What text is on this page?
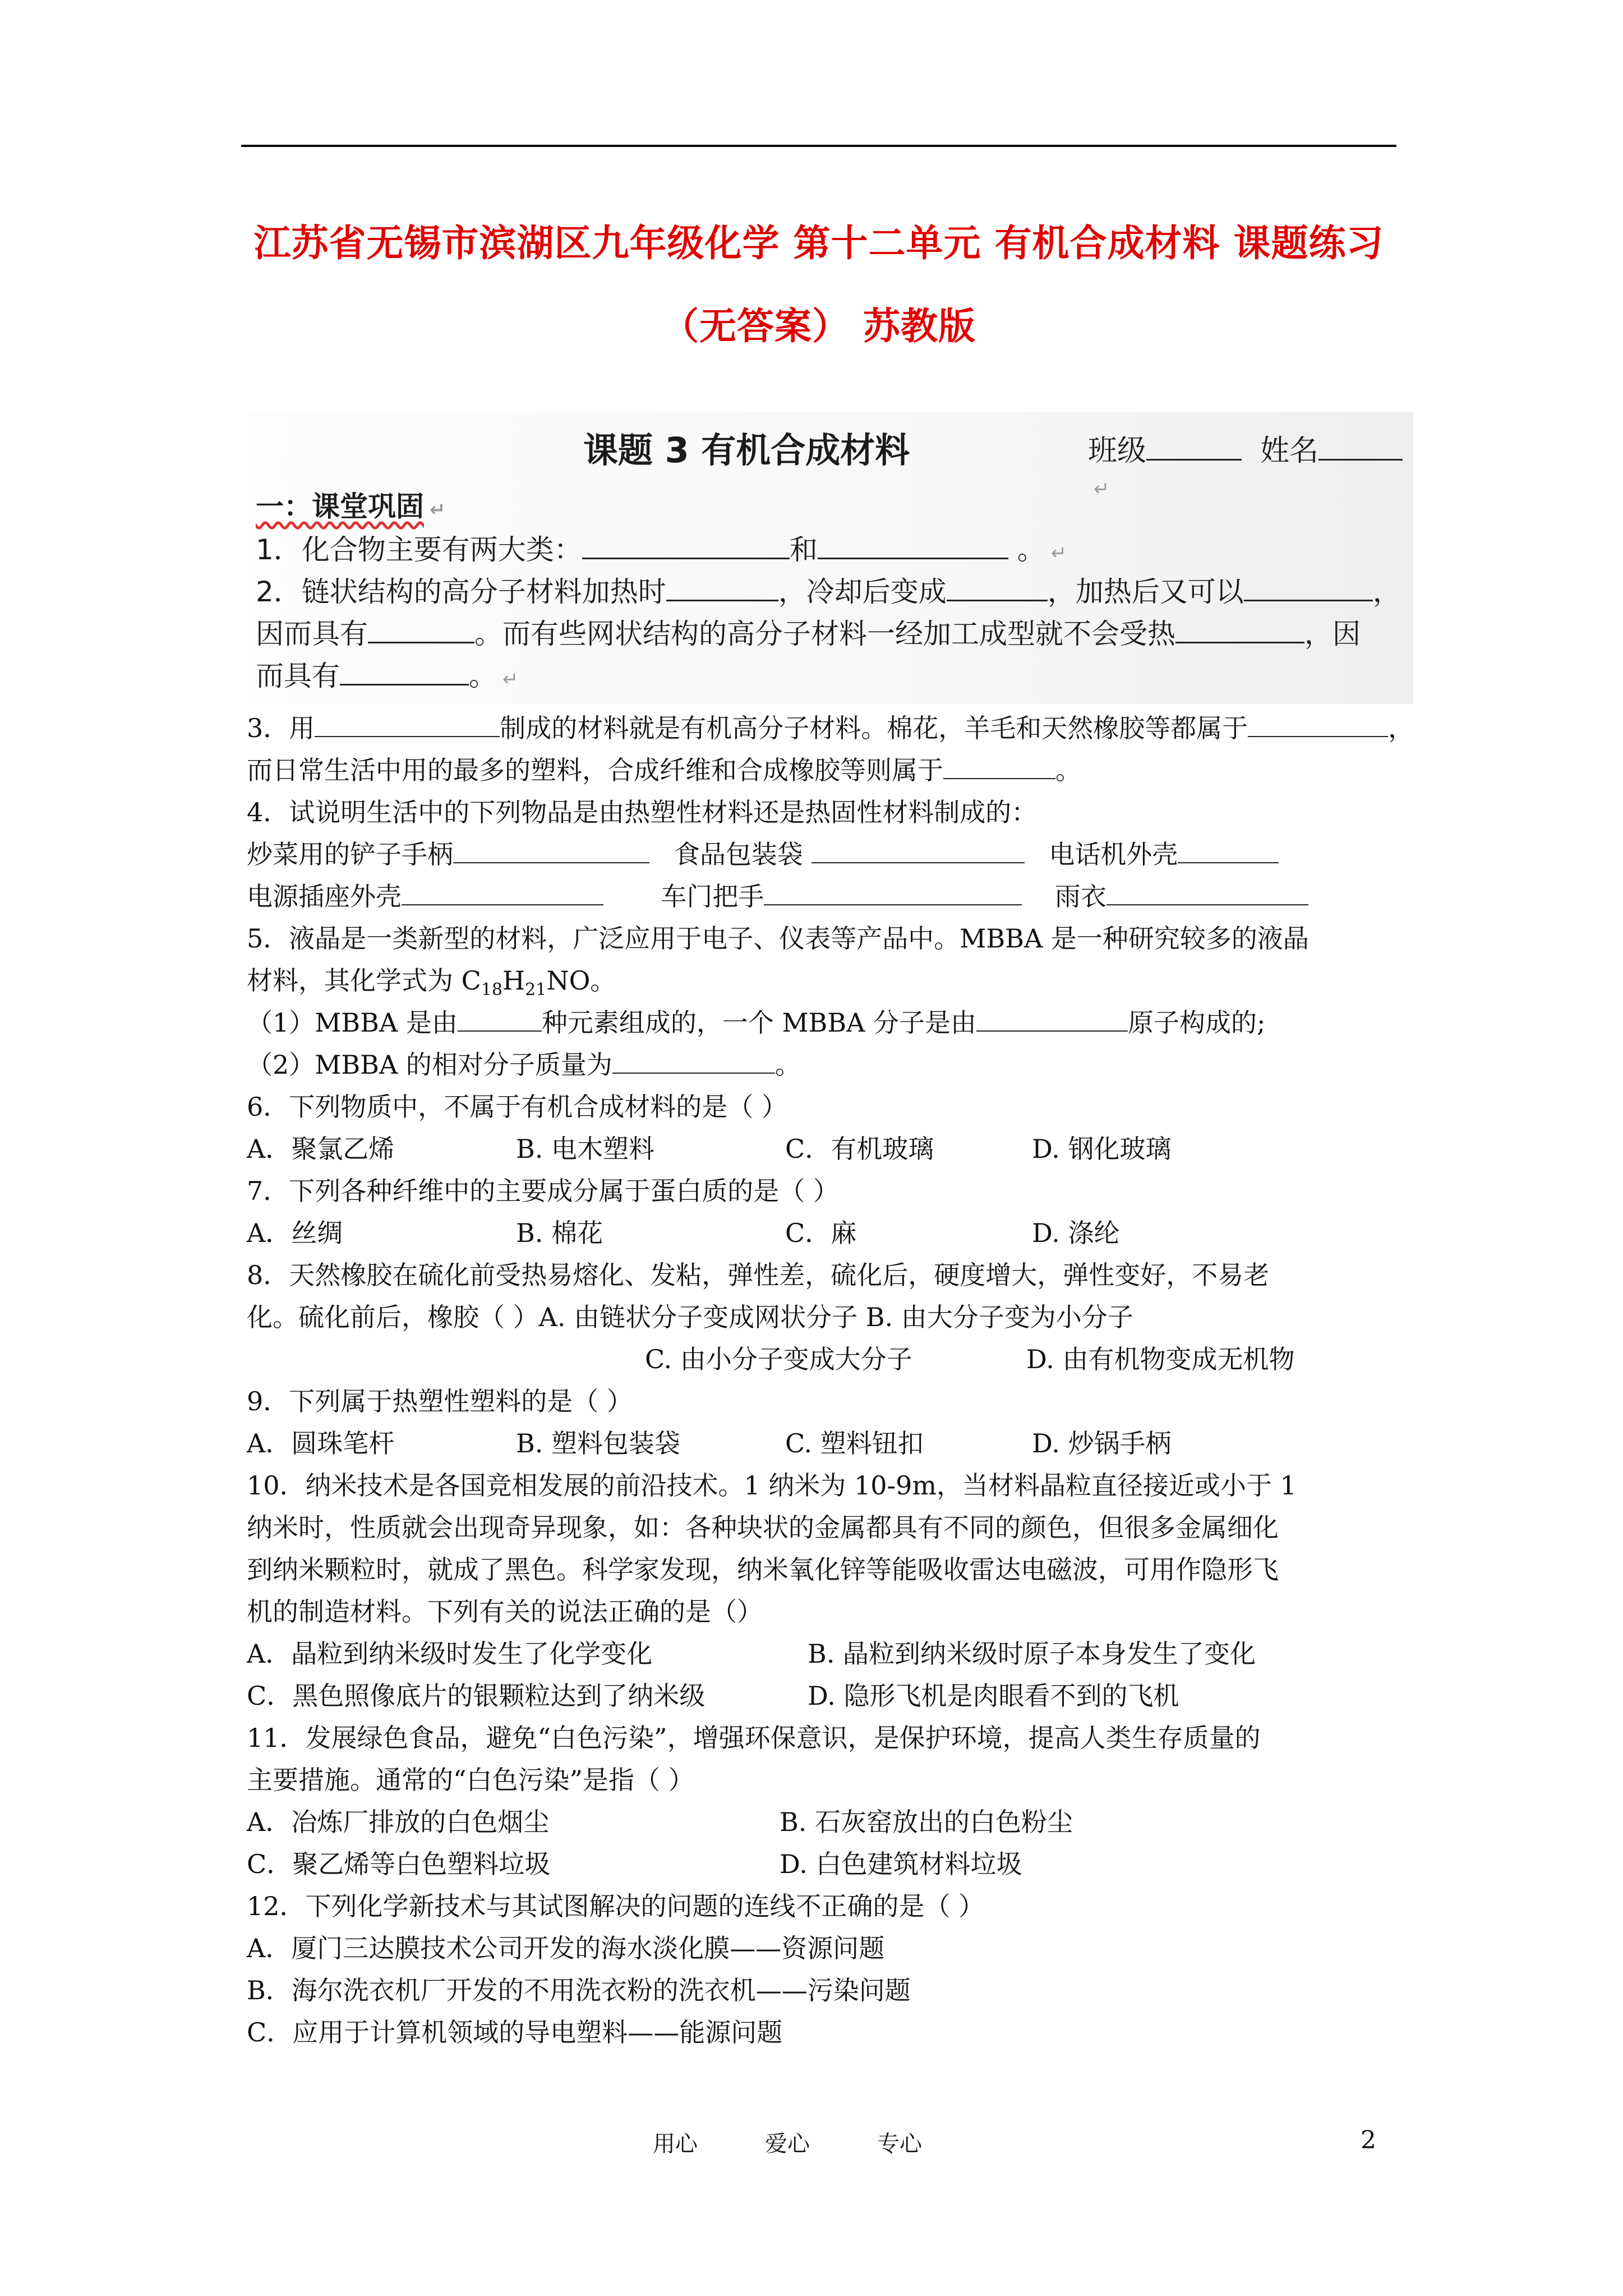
江苏省无锡市滨湖区九年级化学 第十二单元 有机合成材料 课题练习
（无答案） 苏教版
课题 3 有机合成材料	班级	姓名↵
一：课堂巩固 ↵
1．化合物主要有两大类：	和	。 ↵
2．链状结构的高分子材料加热时	，冷却后变成	，加热后又可以	，
因而具有	。而有些网状结构的高分子材料一经加工成型就不会受热	，因
而具有	。 ↵
3．用	制成的材料就是有机高分子材料。棉花，羊毛和天然橡胶等都属于	，
而日常生活中用的最多的塑料，合成纤维和合成橡胶等则属于	。
4．试说明生活中的下列物品是由热塑性材料还是热固性材料制成的：
炒菜用的铲子手柄	食品包装袋	电话机外壳
电源插座外壳	车门把手	雨衣
5．液晶是一类新型的材料，广泛应用于电子、仪表等产品中。MBBA 是一种研究较多的液晶
材料，其化学式为 $C_{18}H_{21}NO$。
（1）MBBA 是由	种元素组成的，一个 MBBA 分子是由	原子构成的;
（2）MBBA 的相对分子质量为	。
6．下列物质中，不属于有机合成材料的是（ ）
A．聚氯乙烯	B. 电木塑料	C．有机玻璃	D. 钢化玻璃
7．下列各种纤维中的主要成分属于蛋白质的是（ ）
A．丝绸	B. 棉花	C．麻	D. 涤纶
8．天然橡胶在硫化前受热易熔化、发粘，弹性差，硫化后，硬度增大，弹性变好，不易老
化。硫化前后，橡胶（ ）A. 由链状分子变成网状分子 B. 由大分子变为小分子
C. 由小分子变成大分子	D. 由有机物变成无机物
9．下列属于热塑性塑料的是（ ）
A．圆珠笔杆	B. 塑料包装袋	C. 塑料钮扣	D. 炒锅手柄
10．纳米技术是各国竞相发展的前沿技术。1 纳米为 10-9m，当材料晶粒直径接近或小于 1
纳米时，性质就会出现奇异现象，如：各种块状的金属都具有不同的颜色，但很多金属细化
到纳米颗粒时，就成了黑色。科学家发现，纳米氧化锌等能吸收雷达电磁波，可用作隐形飞
机的制造材料。下列有关的说法正确的是（）
A．晶粒到纳米级时发生了化学变化	B. 晶粒到纳米级时原子本身发生了变化
C．黑色照像底片的银颗粒达到了纳米级	D. 隐形飞机是肉眼看不到的飞机
11．发展绿色食品，避免“白色污染”，增强环保意识，是保护环境，提高人类生存质量的
主要措施。通常的“白色污染”是指（ ）
A．冶炼厂排放的白色烟尘	B. 石灰窑放出的白色粉尘
C．聚乙烯等白色塑料垃圾	D. 白色建筑材料垃圾
12．下列化学新技术与其试图解决的问题的连线不正确的是（ ）
A．厦门三达膜技术公司开发的海水淡化膜——资源问题
B．海尔洗衣机厂开发的不用洗衣粉的洗衣机——污染问题
C．应用于计算机领域的导电塑料——能源问题
用心	爱心	专心	2
